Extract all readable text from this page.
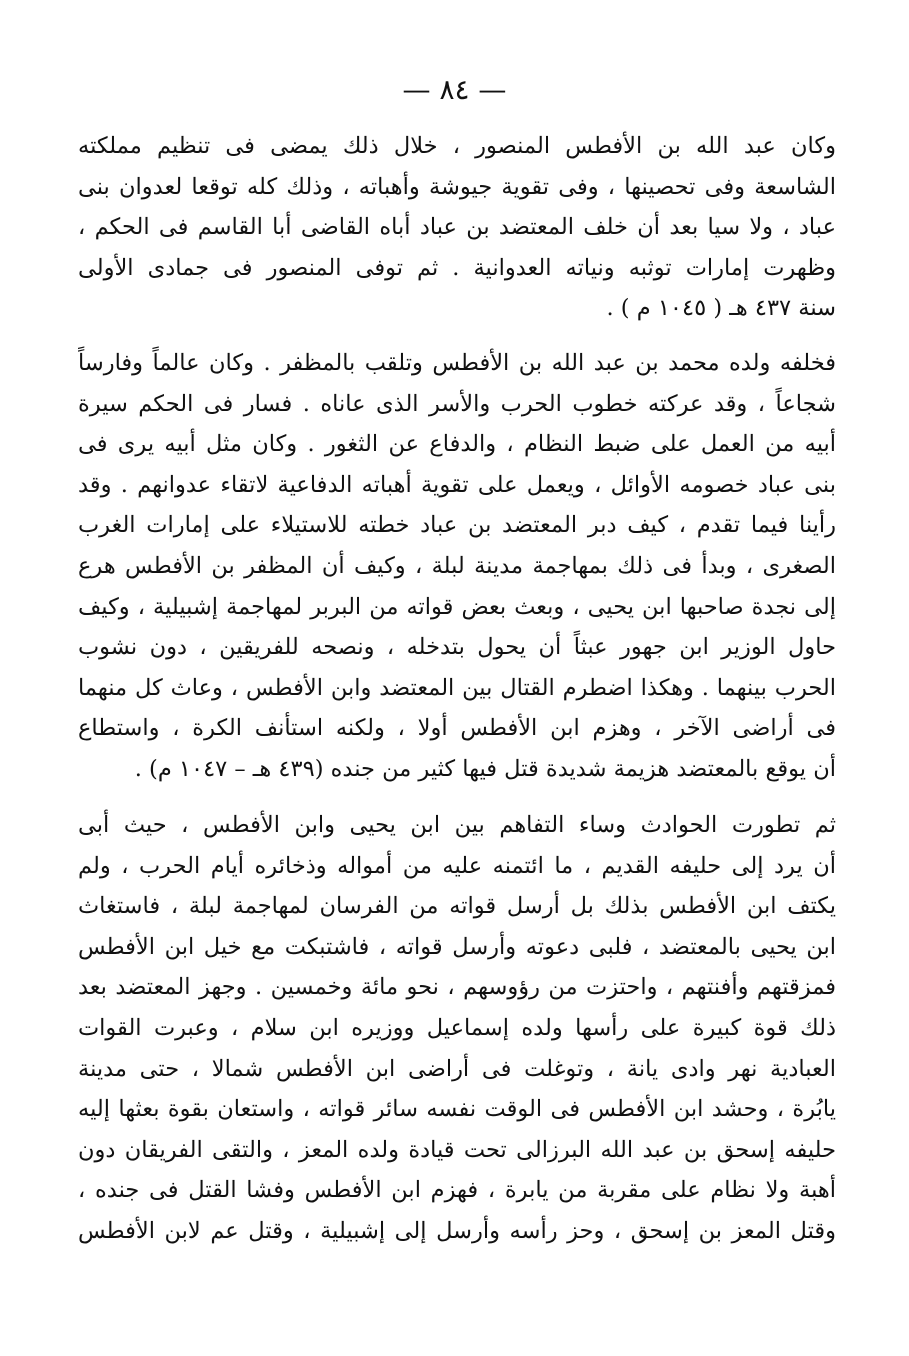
— ٨٤ —
وكان عبد الله بن الأفطس المنصور ، خلال ذلك يمضى فى تنظيم مملكته
الشاسعة وفى تحصينها ، وفى تقوية جيوشة وأهباته ، وذلك كله توقعا لعدوان بنى
عباد ، ولا سيا بعد أن خلف المعتضد بن عباد أباه القاضى أبا القاسم فى الحكم ،
وظهرت إمارات توثبه ونياته العدوانية . ثم توفى المنصور فى جمادى الأولى
سنة ٤٣٧ هـ ( ١٠٤٥ م ) .
فخلفه ولده محمد بن عبد الله بن الأفطس وتلقب بالمظفر . وكان عالماً وفارساً
شجاعاً ، وقد عركته خطوب الحرب والأسر الذى عاناه . فسار فى الحكم سيرة
أبيه من العمل على ضبط النظام ، والدفاع عن الثغور . وكان مثل أبيه يرى فى
بنى عباد خصومه الأوائل ، ويعمل على تقوية أهباته الدفاعية لاتقاء عدوانهم . وقد
رأينا فيما تقدم ، كيف دبر المعتضد بن عباد خطته للاستيلاء على إمارات الغرب
الصغرى ، وبدأ فى ذلك بمهاجمة مدينة لبلة ، وكيف أن المظفر بن الأفطس هرع
إلى نجدة صاحبها ابن يحيى ، وبعث بعض قواته من البربر لمهاجمة إشبيلية ، وكيف
حاول الوزير ابن جهور عبثاً أن يحول بتدخله ، ونصحه للفريقين ، دون نشوب
الحرب بينهما . وهكذا اضطرم القتال بين المعتضد وابن الأفطس ، وعاث كل منهما
فى أراضى الآخر ، وهزم ابن الأفطس أولا ، ولكنه استأنف الكرة ، واستطاع
أن يوقع بالمعتضد هزيمة شديدة قتل فيها كثير من جنده (٤٣٩ هـ – ١٠٤٧ م) .
ثم تطورت الحوادث وساء التفاهم بين ابن يحيى وابن الأفطس ، حيث أبى
أن يرد إلى حليفه القديم ، ما ائتمنه عليه من أمواله وذخائره أيام الحرب ، ولم
يكتف ابن الأفطس بذلك بل أرسل قواته من الفرسان لمهاجمة لبلة ، فاستغاث
ابن يحيى بالمعتضد ، فلبى دعوته وأرسل قواته ، فاشتبكت مع خيل ابن الأفطس
فمزقتهم وأفنتهم ، واحتزت من رؤوسهم ، نحو مائة وخمسين . وجهز المعتضد بعد
ذلك قوة كبيرة على رأسها ولده إسماعيل ووزيره ابن سلام ، وعبرت القوات
العبادية نهر وادى يانة ، وتوغلت فى أراضى ابن الأفطس شمالا ، حتى مدينة
يابُرة ، وحشد ابن الأفطس فى الوقت نفسه سائر قواته ، واستعان بقوة بعثها إليه
حليفه إسحق بن عبد الله البرزالى تحت قيادة ولده المعز ، والتقى الفريقان دون
أهبة ولا نظام على مقربة من يابرة ، فهزم ابن الأفطس وفشا القتل فى جنده ،
وقتل المعز بن إسحق ، وحز رأسه وأرسل إلى إشبيلية ، وقتل عم لابن الأفطس
